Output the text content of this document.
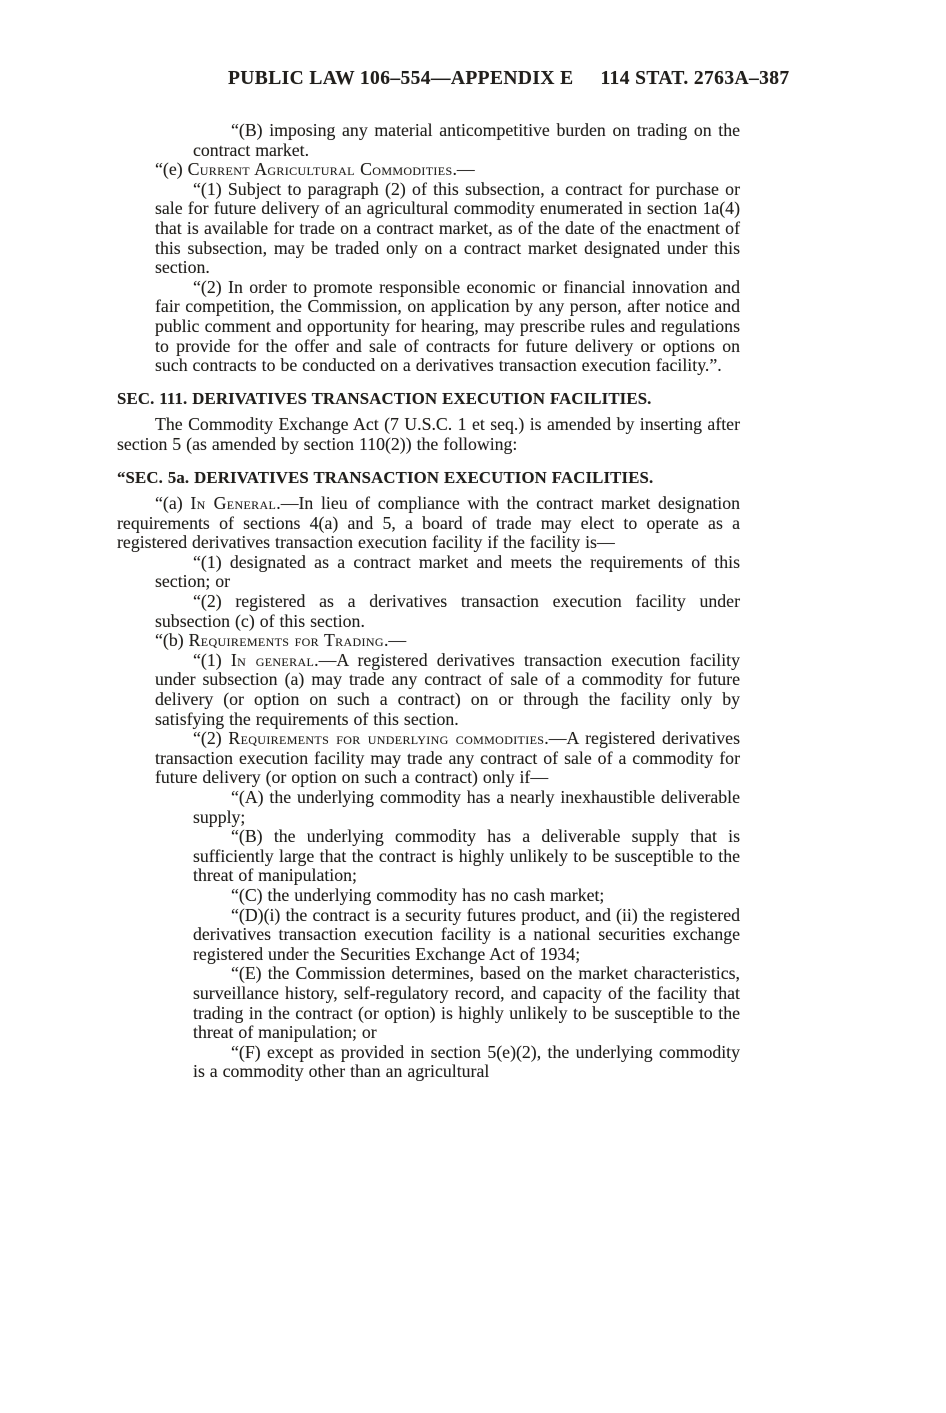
PUBLIC LAW 106–554—APPENDIX E 114 STAT. 2763A–387

“(B) imposing any material anticompetitive burden on trading on the contract market.

“(e) Current Agricultural Commodities.—

“(1) Subject to paragraph (2) of this subsection, a contract for purchase or sale for future delivery of an agricultural commodity enumerated in section 1a(4) that is available for trade on a contract market, as of the date of the enactment of this subsection, may be traded only on a contract market designated under this section.

“(2) In order to promote responsible economic or financial innovation and fair competition, the Commission, on application by any person, after notice and public comment and opportunity for hearing, may prescribe rules and regulations to provide for the offer and sale of contracts for future delivery or options on such contracts to be conducted on a derivatives transaction execution facility.”.

SEC. 111. DERIVATIVES TRANSACTION EXECUTION FACILITIES.

The Commodity Exchange Act (7 U.S.C. 1 et seq.) is amended by inserting after section 5 (as amended by section 110(2)) the following:

“SEC. 5a. DERIVATIVES TRANSACTION EXECUTION FACILITIES.

“(a) In General.—In lieu of compliance with the contract market designation requirements of sections 4(a) and 5, a board of trade may elect to operate as a registered derivatives transaction execution facility if the facility is—

“(1) designated as a contract market and meets the requirements of this section; or

“(2) registered as a derivatives transaction execution facility under subsection (c) of this section.

“(b) Requirements for Trading.—

“(1) In general.—A registered derivatives transaction execution facility under subsection (a) may trade any contract of sale of a commodity for future delivery (or option on such a contract) on or through the facility only by satisfying the requirements of this section.

“(2) Requirements for underlying commodities.—A registered derivatives transaction execution facility may trade any contract of sale of a commodity for future delivery (or option on such a contract) only if—

“(A) the underlying commodity has a nearly inexhaustible deliverable supply;

“(B) the underlying commodity has a deliverable supply that is sufficiently large that the contract is highly unlikely to be susceptible to the threat of manipulation;

“(C) the underlying commodity has no cash market;

“(D)(i) the contract is a security futures product, and (ii) the registered derivatives transaction execution facility is a national securities exchange registered under the Securities Exchange Act of 1934;

“(E) the Commission determines, based on the market characteristics, surveillance history, self-regulatory record, and capacity of the facility that trading in the contract (or option) is highly unlikely to be susceptible to the threat of manipulation; or

“(F) except as provided in section 5(e)(2), the underlying commodity is a commodity other than an agricultural
